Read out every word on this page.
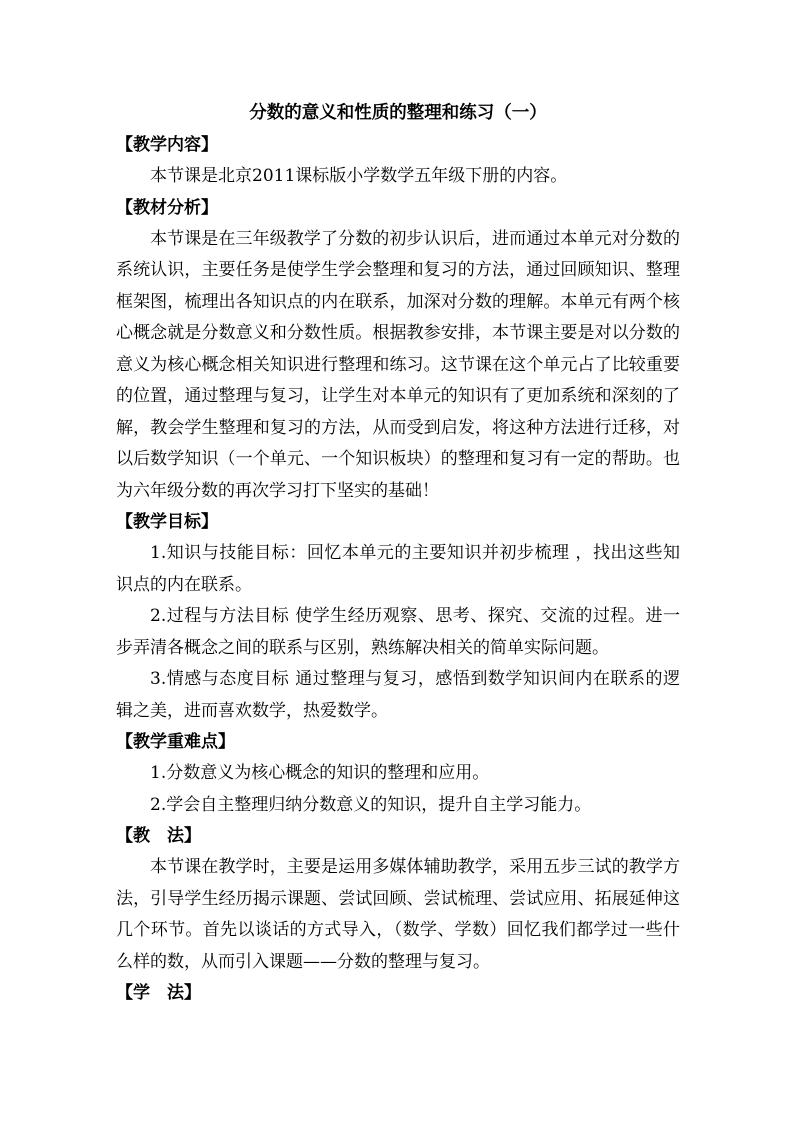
分数的意义和性质的整理和练习（一）
【教学内容】

本节课是北京2011课标版小学数学五年级下册的内容。

【教材分析】

本节课是在三年级教学了分数的初步认识后，进而通过本单元对分数的系统认识，主要任务是使学生学会整理和复习的方法，通过回顾知识、整理框架图，梳理出各知识点的内在联系，加深对分数的理解。本单元有两个核心概念就是分数意义和分数性质。根据教参安排，本节课主要是对以分数的意义为核心概念相关知识进行整理和练习。这节课在这个单元占了比较重要的位置，通过整理与复习，让学生对本单元的知识有了更加系统和深刻的了解，教会学生整理和复习的方法，从而受到启发，将这种方法进行迁移，对以后数学知识（一个单元、一个知识板块）的整理和复习有一定的帮助。也为六年级分数的再次学习打下坚实的基础！

【教学目标】

1.知识与技能目标：回忆本单元的主要知识并初步梳理 ，找出这些知识点的内在联系。

2.过程与方法目标 使学生经历观察、思考、探究、交流的过程。进一步弄清各概念之间的联系与区别，熟练解决相关的简单实际问题。

3.情感与态度目标 通过整理与复习，感悟到数学知识间内在联系的逻辑之美，进而喜欢数学，热爱数学。

【教学重难点】

1.分数意义为核心概念的知识的整理和应用。

2.学会自主整理归纳分数意义的知识，提升自主学习能力。

【教　法】

本节课在教学时，主要是运用多媒体辅助教学，采用五步三试的教学方法，引导学生经历揭示课题、尝试回顾、尝试梳理、尝试应用、拓展延伸这几个环节。首先以谈话的方式导入，（数学、学数）回忆我们都学过一些什么样的数，从而引入课题——分数的整理与复习。

【学　法】
